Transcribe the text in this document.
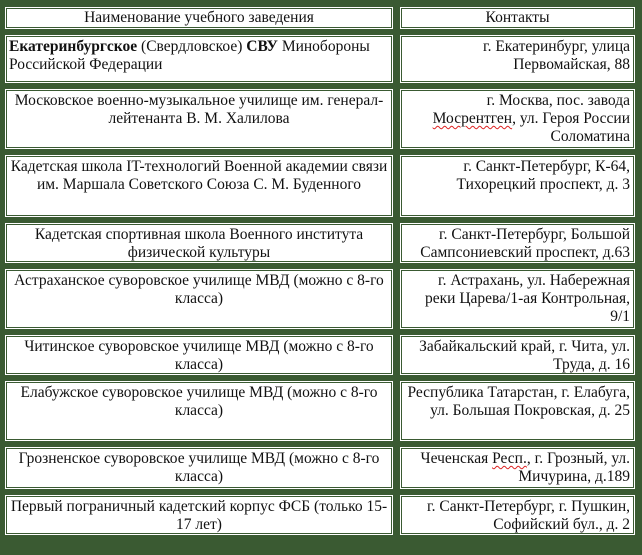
Наименование учебного заведения	Контакты
Екатеринбургское (Свердловское) СВУ Минобороны Российской Федерации	г. Екатеринбург, улица Первомайская, 88
Московское военно-музыкальное училище им. генерал-лейтенанта В. М. Халилова	г. Москва, пос. завода Мосрентген, ул. Героя России Соломатина
Кадетская школа IT-технологий Военной академии связи им. Маршала Советского Союза С. М. Буденного	г. Санкт-Петербург, К-64, Тихорецкий проспект, д. 3
Кадетская спортивная школа Военного института физической культуры	г. Санкт-Петербург, Большой Сампсониевский проспект, д.63
Астраханское суворовское училище МВД (можно с 8-го класса)	г. Астрахань, ул. Набережная реки Царева/1-ая Контрольная, 9/1
Читинское суворовское училище МВД (можно с 8-го класса)	Забайкальский край, г. Чита, ул. Труда, д. 16
Елабужское суворовское училище МВД (можно с 8-го класса)	Республика Татарстан, г. Елабуга, ул. Большая Покровская, д. 25
Грозненское суворовское училище МВД (можно с 8-го класса)	Чеченская Респ., г. Грозный, ул. Мичурина, д.189
Первый пограничный кадетский корпус ФСБ (только 15-17 лет)	г. Санкт-Петербург, г. Пушкин, Софийский бул., д. 2
